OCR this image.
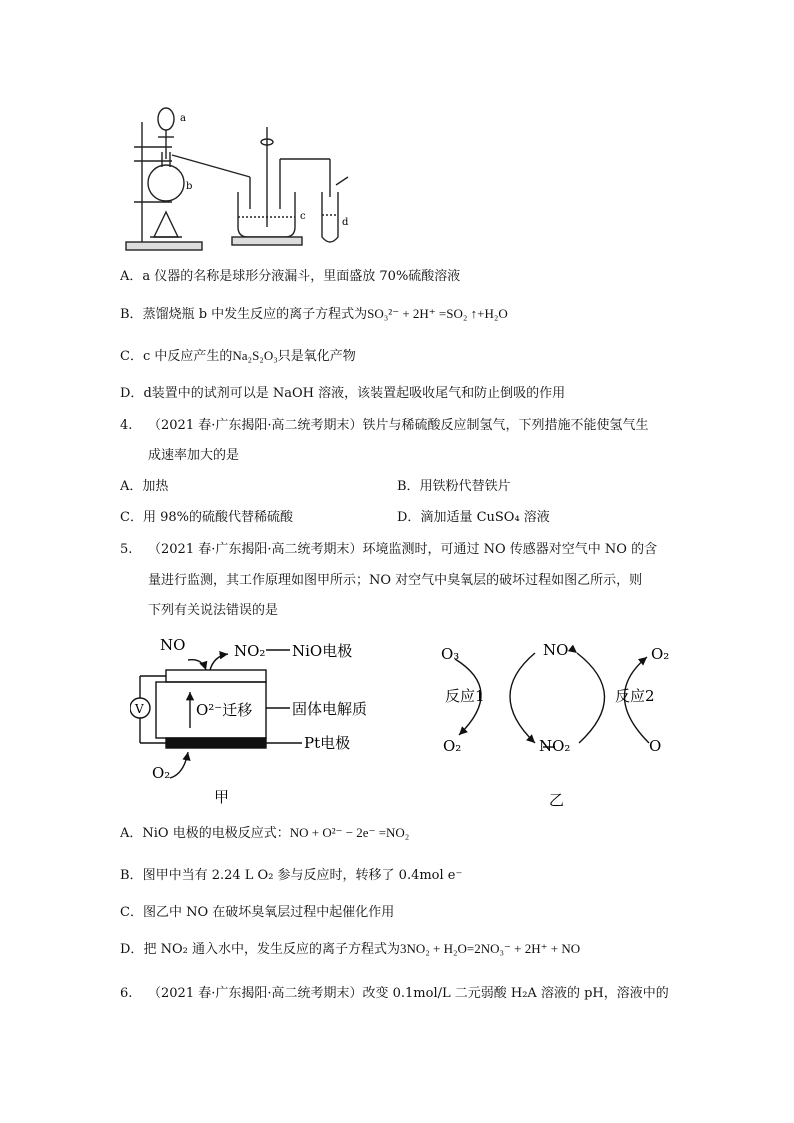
a
b
c
d
A．a 仪器的名称是球形分液漏斗，里面盛放 70%硫酸溶液
B．蒸馏烧瓶 b 中发生反应的离子方程式为SO₃²⁻ + 2H⁺ =SO₂ ↑+H₂O
C．c 中反应产生的Na₂S₂O₃只是氧化产物
D．d装置中的试剂可以是 NaOH 溶液，该装置起吸收尾气和防止倒吸的作用
4. （2021 春·广东揭阳·高二统考期末）铁片与稀硫酸反应制氢气，下列措施不能使氢气生
成速率加大的是
A．加热	B．用铁粉代替铁片
C．用 98%的硫酸代替稀硫酸	D．滴加适量 CuSO₄ 溶液
5. （2021 春·广东揭阳·高二统考期末）环境监测时，可通过 NO 传感器对空气中 NO 的含
量进行监测，其工作原理如图甲所示；NO 对空气中臭氧层的破坏过程如图乙所示，则
下列有关说法错误的是
NO	NO₂ NiO电极
O²⁻迁移	固体电解质
Pt电极
O₂
V
甲
O₃	NO	O₂
反应1	反应2
O₂	NO₂	O
乙
A．NiO 电极的电极反应式：NO + O²⁻ − 2e⁻ =NO₂
B．图甲中当有 2.24 L O₂ 参与反应时，转移了 0.4mol e⁻
C．图乙中 NO 在破坏臭氧层过程中起催化作用
D．把 NO₂ 通入水中，发生反应的离子方程式为3NO₂ + H₂O=2NO₃⁻ + 2H⁺ + NO
6. （2021 春·广东揭阳·高二统考期末）改变 0.1mol/L 二元弱酸 H₂A 溶液的 pH，溶液中的
